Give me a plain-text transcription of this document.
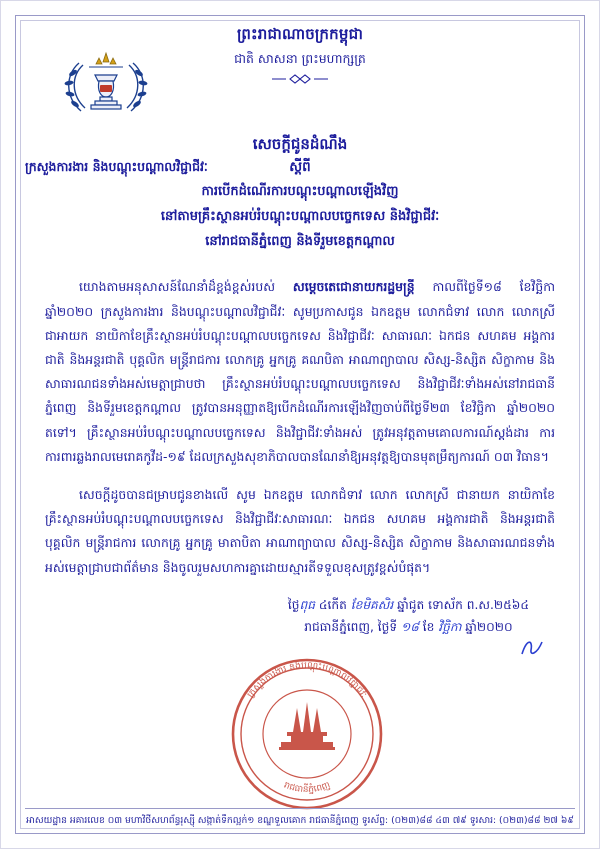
ព្រះរាជាណាចក្រកម្ពុជា
ជាតិ សាសនា ព្រះមហាក្សត្រ
ក្រសួងការងារ និងបណ្ដុះបណ្ដាលវិជ្ជាជីវៈ
សេចក្ដីជូនដំណឹង
ស្ដីពី
ការបើកដំណើរការបណ្ដុះបណ្ដាលឡើងវិញ
នៅតាមគ្រឹះស្ថានអប់រំបណ្ដុះបណ្ដាលបច្ចេកទេស និងវិជ្ជាជីវៈ
នៅរាជធានីភ្នំពេញ និងទីរួមខេត្តកណ្ដាល

យោងតាមអនុសាសន៍ណែនាំដ៏ខ្ពង់ខ្ពស់របស់ សម្ដេចតេជោនាយករដ្ឋមន្ត្រី កាលពីថ្ងៃទី១៨ ខែវិច្ឆិកា ឆ្នាំ២០២០ ក្រសួងការងារ និងបណ្ដុះបណ្ដាលវិជ្ជាជីវៈ សូមប្រកាសជូន ឯកឧត្តម លោកជំទាវ លោក លោកស្រី ជាអាយក នាយិកាខែគ្រឹះស្ថានអប់រំបណ្ដុះបណ្ដាលបច្ចេកទេស និងវិជ្ជាជីវៈ សាធារណៈ ឯកជន សហគម អង្គការជាតិ និងអន្តរជាតិ បុគ្គលិក មន្ត្រីរាជការ លោកគ្រូ អ្នកគ្រូ គណបិតា អាណាព្យាបាល សិស្ស-និស្សិត សិក្ខាកាម និងសាធារណជនទាំងអស់មេត្តាជ្រាបថា គ្រឹះស្ថានអប់រំបណ្ដុះបណ្ដាលបច្ចេកទេស និងវិជ្ជាជីវៈទាំងអស់នៅរាជធានីភ្នំពេញ និងទីរួមខេត្តកណ្ដាល ត្រូវបានអនុញ្ញាតឱ្យបើកដំណើរការឡើងវិញចាប់ពីថ្ងៃទី២៣ ខែវិច្ឆិកា ឆ្នាំ២០២០ តទៅ។ គ្រឹះស្ថានអប់រំបណ្ដុះបណ្ដាលបច្ចេកទេស និងវិជ្ជាជីវៈទាំងអស់ ត្រូវអនុវត្តតាមគោលការណ៍ស្ដង់ដារ ការការពារឆ្លងរាលមេរោគកូវីដ-១៩ ដែលក្រសួងសុខាភិបាលបានណែនាំឱ្យអនុវត្តឱ្យបានមុតម្រឹត្យការណ៍ ០៣ វិធាន។

សេចក្ដីដូចបានជម្រាបជូនខាងលើ សូម ឯកឧត្តម លោកជំទាវ លោក លោកស្រី ជានាយក នាយិកាខែគ្រឹះស្ថានអប់រំបណ្ដុះបណ្ដាលបច្ចេកទេស និងវិជ្ជាជីវៈសាធារណៈ ឯកជន សហគម អង្គការជាតិ និងអន្តរជាតិ បុគ្គលិក មន្ត្រីរាជការ លោកគ្រូ អ្នកគ្រូ មាតាបិតា អាណាព្យាបាល សិស្ស-និស្សិត សិក្ខាកាម និងសាធារណជនទាំងអស់មេត្តាជ្រាបជាព័ត៌មាន និងចូលរួមសហការគ្នាដោយស្មារតីទទួលខុសត្រូវខ្ពស់បំផុត។

ថ្ងៃពុធ ៤កើត ខែមិគសិរ ឆ្នាំជូត ទោស័ក ព.ស.២៥៦៤
រាជធានីភ្នំពេញ, ថ្ងៃទី ១៨ ខែ វិច្ឆិកា ឆ្នាំ២០២០
ក្រសួងការងារ និងបណ្ដុះបណ្ដាលវិជ្ជាជីវៈ
រាជធានីភ្នំពេញ
អាសយដ្ឋាន អគារលេខ ០៣ មហាវិថីសហព័ន្ធរុស្ស៊ី សង្កាត់ទឹកល្អក់១ ខណ្ឌទួលគោក រាជធានីភ្នំពេញ ទូរស័ព្ទ: (០២៣)៨៨ ៤៣ ៧៩ ទូរសារ: (០២៣)៨៨ ២៧ ៦៩
